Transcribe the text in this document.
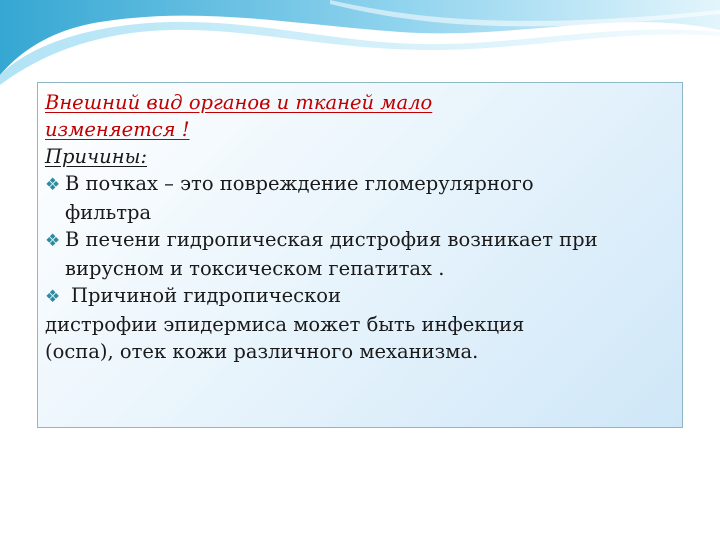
Внешний вид органов и тканей мало
изменяется !
Причины:
❖ В почках – это повреждение гломерулярного
фильтра
❖ В печени гидропическая дистрофия возникает при
вирусном и токсическом гепатитах .
❖ Причиной гидропическои
дистрофии эпидермиса может быть инфекция
(оспа), отек кожи различного механизма.
